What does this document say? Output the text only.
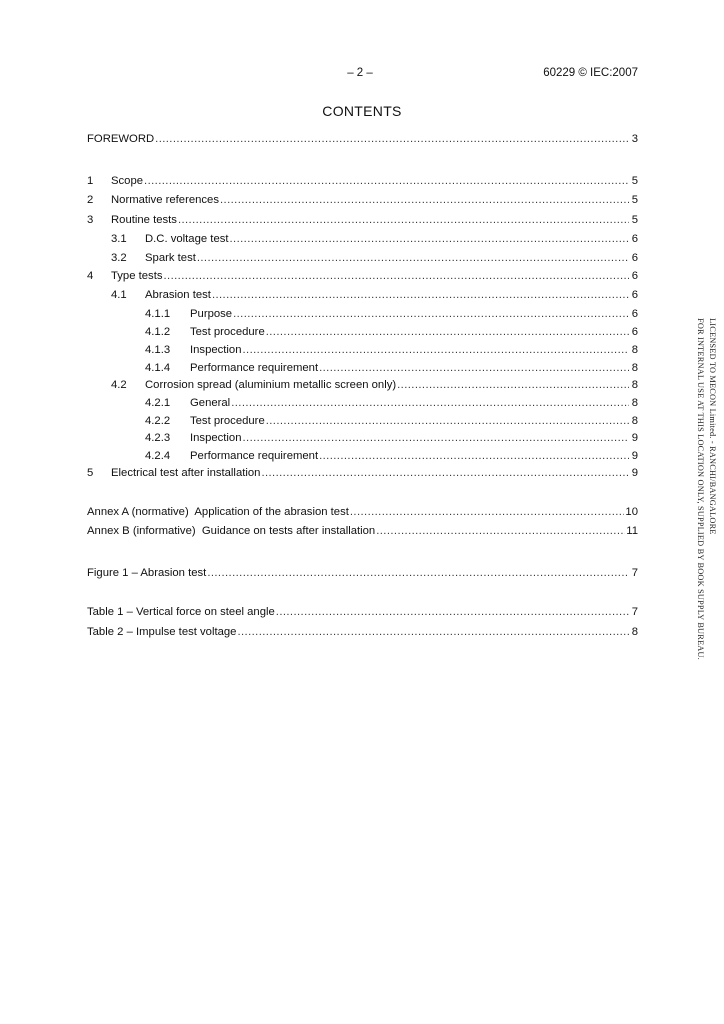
– 2 –	60229 © IEC:2007
CONTENTS
FOREWORD .....	3
1	Scope .....	5
2	Normative references .....	5
3	Routine tests .....	5
3.1	D.C. voltage test .....	6
3.2	Spark test .....	6
4	Type tests .....	6
4.1	Abrasion test .....	6
4.1.1	Purpose .....	6
4.1.2	Test procedure .....	6
4.1.3	Inspection .....	8
4.1.4	Performance requirement .....	8
4.2	Corrosion spread (aluminium metallic screen only) .....	8
4.2.1	General .....	8
4.2.2	Test procedure .....	8
4.2.3	Inspection .....	9
4.2.4	Performance requirement .....	9
5	Electrical test after installation .....	9
Annex A (normative)  Application of the abrasion test .....	10
Annex B (informative)  Guidance on tests after installation .....	11
Figure 1 – Abrasion test .....	7
Table 1 – Vertical force on steel angle .....	7
Table 2 – Impulse test voltage .....	8
LICENSED TO MECON Limited. - RANCHI/BANGALORE
FOR INTERNAL USE AT THIS LOCATION ONLY, SUPPLIED BY BOOK SUPPLY BUREAU.
